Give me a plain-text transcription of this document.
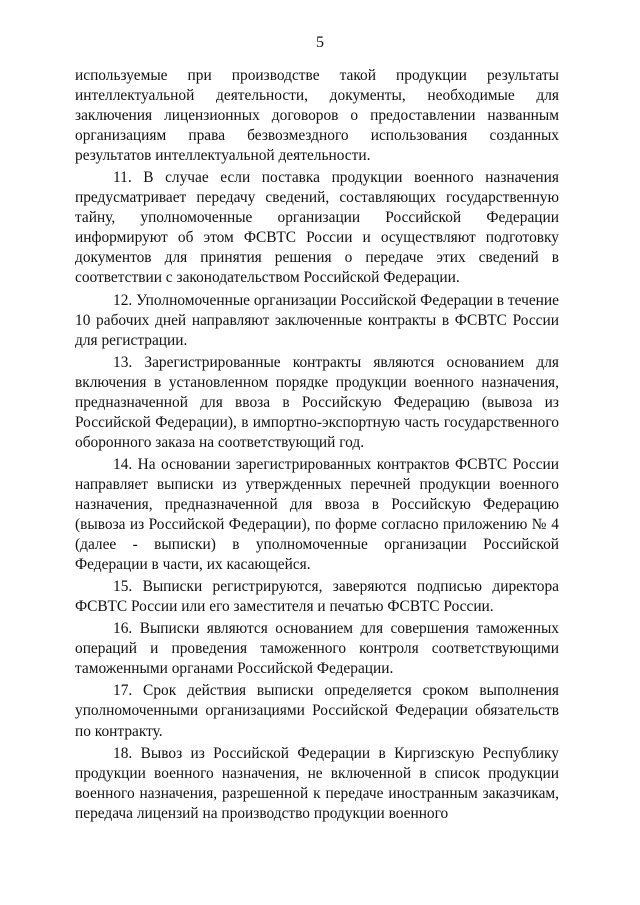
5

используемые при производстве такой продукции результаты интеллектуальной деятельности, документы, необходимые для заключения лицензионных договоров о предоставлении названным организациям права безвозмездного использования созданных результатов интеллектуальной деятельности.

11. В случае если поставка продукции военного назначения предусматривает передачу сведений, составляющих государственную тайну, уполномоченные организации Российской Федерации информируют об этом ФСВТС России и осуществляют подготовку документов для принятия решения о передаче этих сведений в соответствии с законодательством Российской Федерации.

12. Уполномоченные организации Российской Федерации в течение 10 рабочих дней направляют заключенные контракты в ФСВТС России для регистрации.

13. Зарегистрированные контракты являются основанием для включения в установленном порядке продукции военного назначения, предназначенной для ввоза в Российскую Федерацию (вывоза из Российской Федерации), в импортно-экспортную часть государственного оборонного заказа на соответствующий год.

14. На основании зарегистрированных контрактов ФСВТС России направляет выписки из утвержденных перечней продукции военного назначения, предназначенной для ввоза в Российскую Федерацию (вывоза из Российской Федерации), по форме согласно приложению № 4 (далее - выписки) в уполномоченные организации Российской Федерации в части, их касающейся.

15. Выписки регистрируются, заверяются подписью директора ФСВТС России или его заместителя и печатью ФСВТС России.

16. Выписки являются основанием для совершения таможенных операций и проведения таможенного контроля соответствующими таможенными органами Российской Федерации.

17. Срок действия выписки определяется сроком выполнения уполномоченными организациями Российской Федерации обязательств по контракту.

18. Вывоз из Российской Федерации в Киргизскую Республику продукции военного назначения, не включенной в список продукции военного назначения, разрешенной к передаче иностранным заказчикам, передача лицензий на производство продукции военного
